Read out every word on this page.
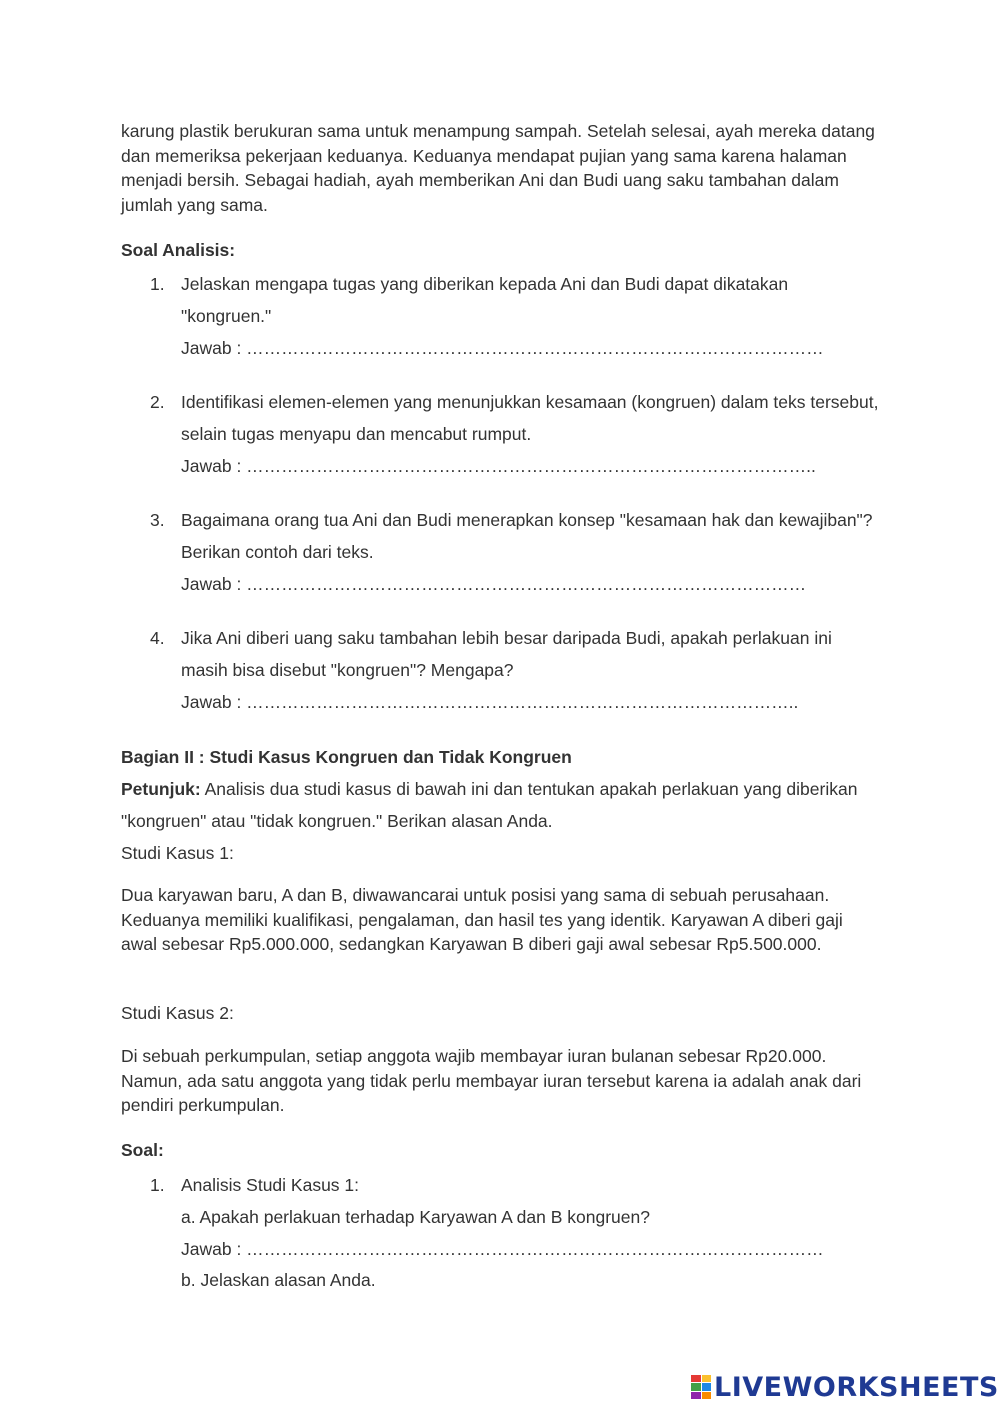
karung plastik berukuran sama untuk menampung sampah. Setelah selesai, ayah mereka datang dan memeriksa pekerjaan keduanya. Keduanya mendapat pujian yang sama karena halaman menjadi bersih. Sebagai hadiah, ayah memberikan Ani dan Budi uang saku tambahan dalam jumlah yang sama.

Soal Analisis:
1. Jelaskan mengapa tugas yang diberikan kepada Ani dan Budi dapat dikatakan "kongruen."
Jawab : ………………………………………………………………………………………
2. Identifikasi elemen-elemen yang menunjukkan kesamaan (kongruen) dalam teks tersebut, selain tugas menyapu dan mencabut rumput.
Jawab : ……………………………………………………………………………………..
3. Bagaimana orang tua Ani dan Budi menerapkan konsep "kesamaan hak dan kewajiban"? Berikan contoh dari teks.
Jawab : ……………………………………………………………………………………
4. Jika Ani diberi uang saku tambahan lebih besar daripada Budi, apakah perlakuan ini masih bisa disebut "kongruen"? Mengapa?
Jawab : …………………………………………………………………………………..
Bagian II : Studi Kasus Kongruen dan Tidak Kongruen

Petunjuk: Analisis dua studi kasus di bawah ini dan tentukan apakah perlakuan yang diberikan "kongruen" atau "tidak kongruen." Berikan alasan Anda.

Studi Kasus 1:

Dua karyawan baru, A dan B, diwawancarai untuk posisi yang sama di sebuah perusahaan. Keduanya memiliki kualifikasi, pengalaman, dan hasil tes yang identik. Karyawan A diberi gaji awal sebesar Rp5.000.000, sedangkan Karyawan B diberi gaji awal sebesar Rp5.500.000.

Studi Kasus 2:

Di sebuah perkumpulan, setiap anggota wajib membayar iuran bulanan sebesar Rp20.000. Namun, ada satu anggota yang tidak perlu membayar iuran tersebut karena ia adalah anak dari pendiri perkumpulan.

Soal:
1. Analisis Studi Kasus 1:
a. Apakah perlakuan terhadap Karyawan A dan B kongruen?
Jawab : ………………………………………………………………………………………
b. Jelaskan alasan Anda.
LIVEWORKSHEETS
